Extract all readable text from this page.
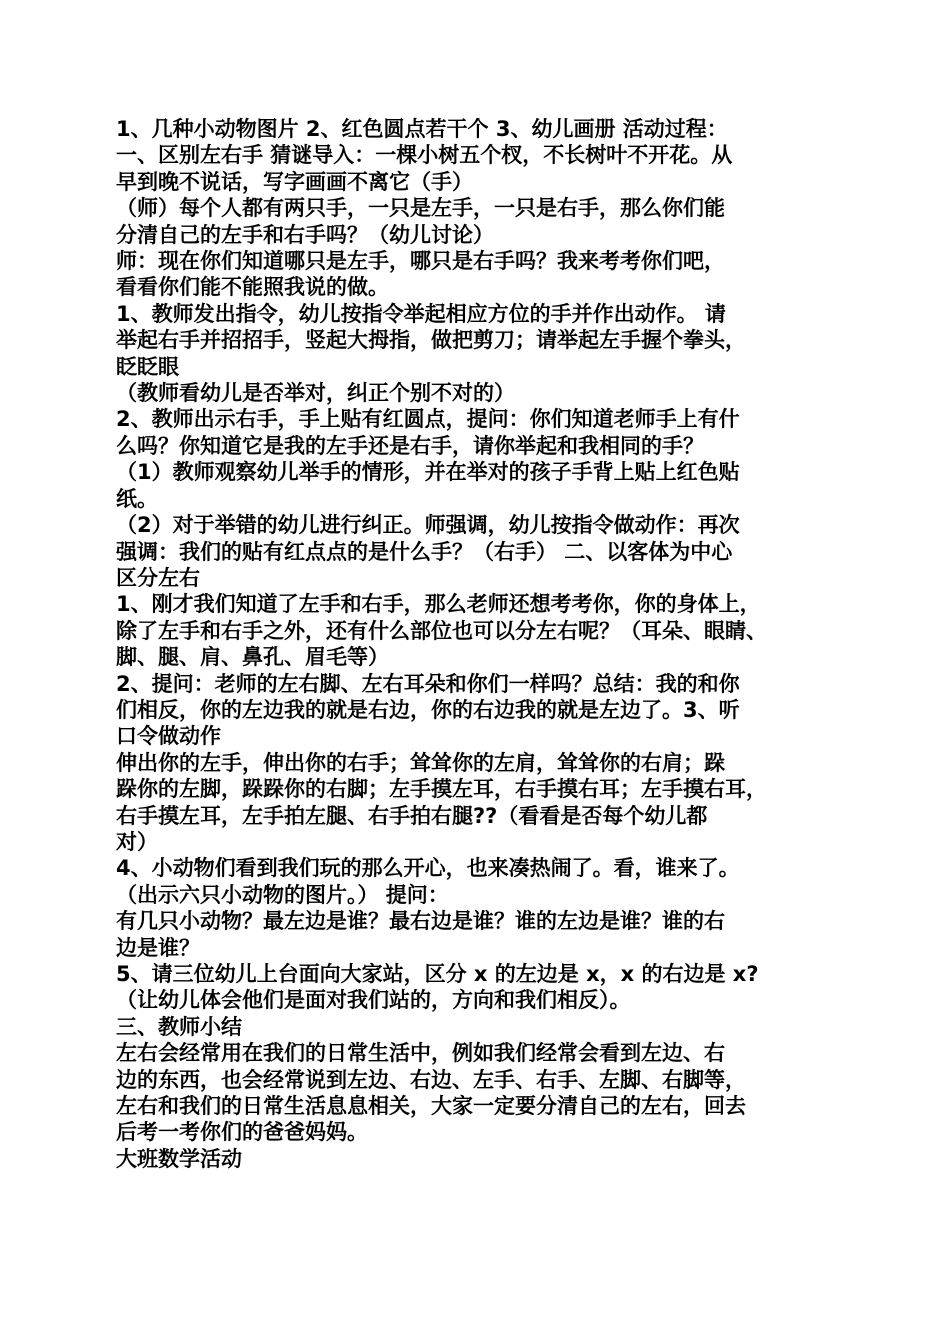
1、几种小动物图片 2、红色圆点若干个 3、幼儿画册 活动过程：
一、区别左右手 猜谜导入：一棵小树五个杈，不长树叶不开花。从
早到晚不说话，写字画画不离它（手）
（师）每个人都有两只手，一只是左手，一只是右手，那么你们能
分清自己的左手和右手吗？（幼儿讨论）
师：现在你们知道哪只是左手，哪只是右手吗？我来考考你们吧，
看看你们能不能照我说的做。
1、教师发出指令，幼儿按指令举起相应方位的手并作出动作。 请
举起右手并招招手，竖起大拇指，做把剪刀；请举起左手握个拳头，
眨眨眼
（教师看幼儿是否举对，纠正个别不对的）
2、教师出示右手，手上贴有红圆点，提问：你们知道老师手上有什
么吗？你知道它是我的左手还是右手，请你举起和我相同的手？
（1）教师观察幼儿举手的情形，并在举对的孩子手背上贴上红色贴
纸。
（2）对于举错的幼儿进行纠正。师强调，幼儿按指令做动作：再次
强调：我们的贴有红点点的是什么手？（右手） 二、以客体为中心
区分左右
1、刚才我们知道了左手和右手，那么老师还想考考你，你的身体上，
除了左手和右手之外，还有什么部位也可以分左右呢？（耳朵、眼睛、
脚、腿、肩、鼻孔、眉毛等）
2、提问：老师的左右脚、左右耳朵和你们一样吗？总结：我的和你
们相反，你的左边我的就是右边，你的右边我的就是左边了。3、听
口令做动作
伸出你的左手，伸出你的右手；耸耸你的左肩，耸耸你的右肩；跺
跺你的左脚，跺跺你的右脚；左手摸左耳，右手摸右耳；左手摸右耳，
右手摸左耳，左手拍左腿、右手拍右腿??（看看是否每个幼儿都
对）
4、小动物们看到我们玩的那么开心，也来凑热闹了。看，谁来了。
（出示六只小动物的图片。） 提问：
有几只小动物？最左边是谁？最右边是谁？谁的左边是谁？谁的右
边是谁？
5、请三位幼儿上台面向大家站，区分 x 的左边是 x，x 的右边是 x?
（让幼儿体会他们是面对我们站的，方向和我们相反）。
三、教师小结
左右会经常用在我们的日常生活中，例如我们经常会看到左边、右
边的东西，也会经常说到左边、右边、左手、右手、左脚、右脚等，
左右和我们的日常生活息息相关，大家一定要分清自己的左右，回去
后考一考你们的爸爸妈妈。
大班数学活动
